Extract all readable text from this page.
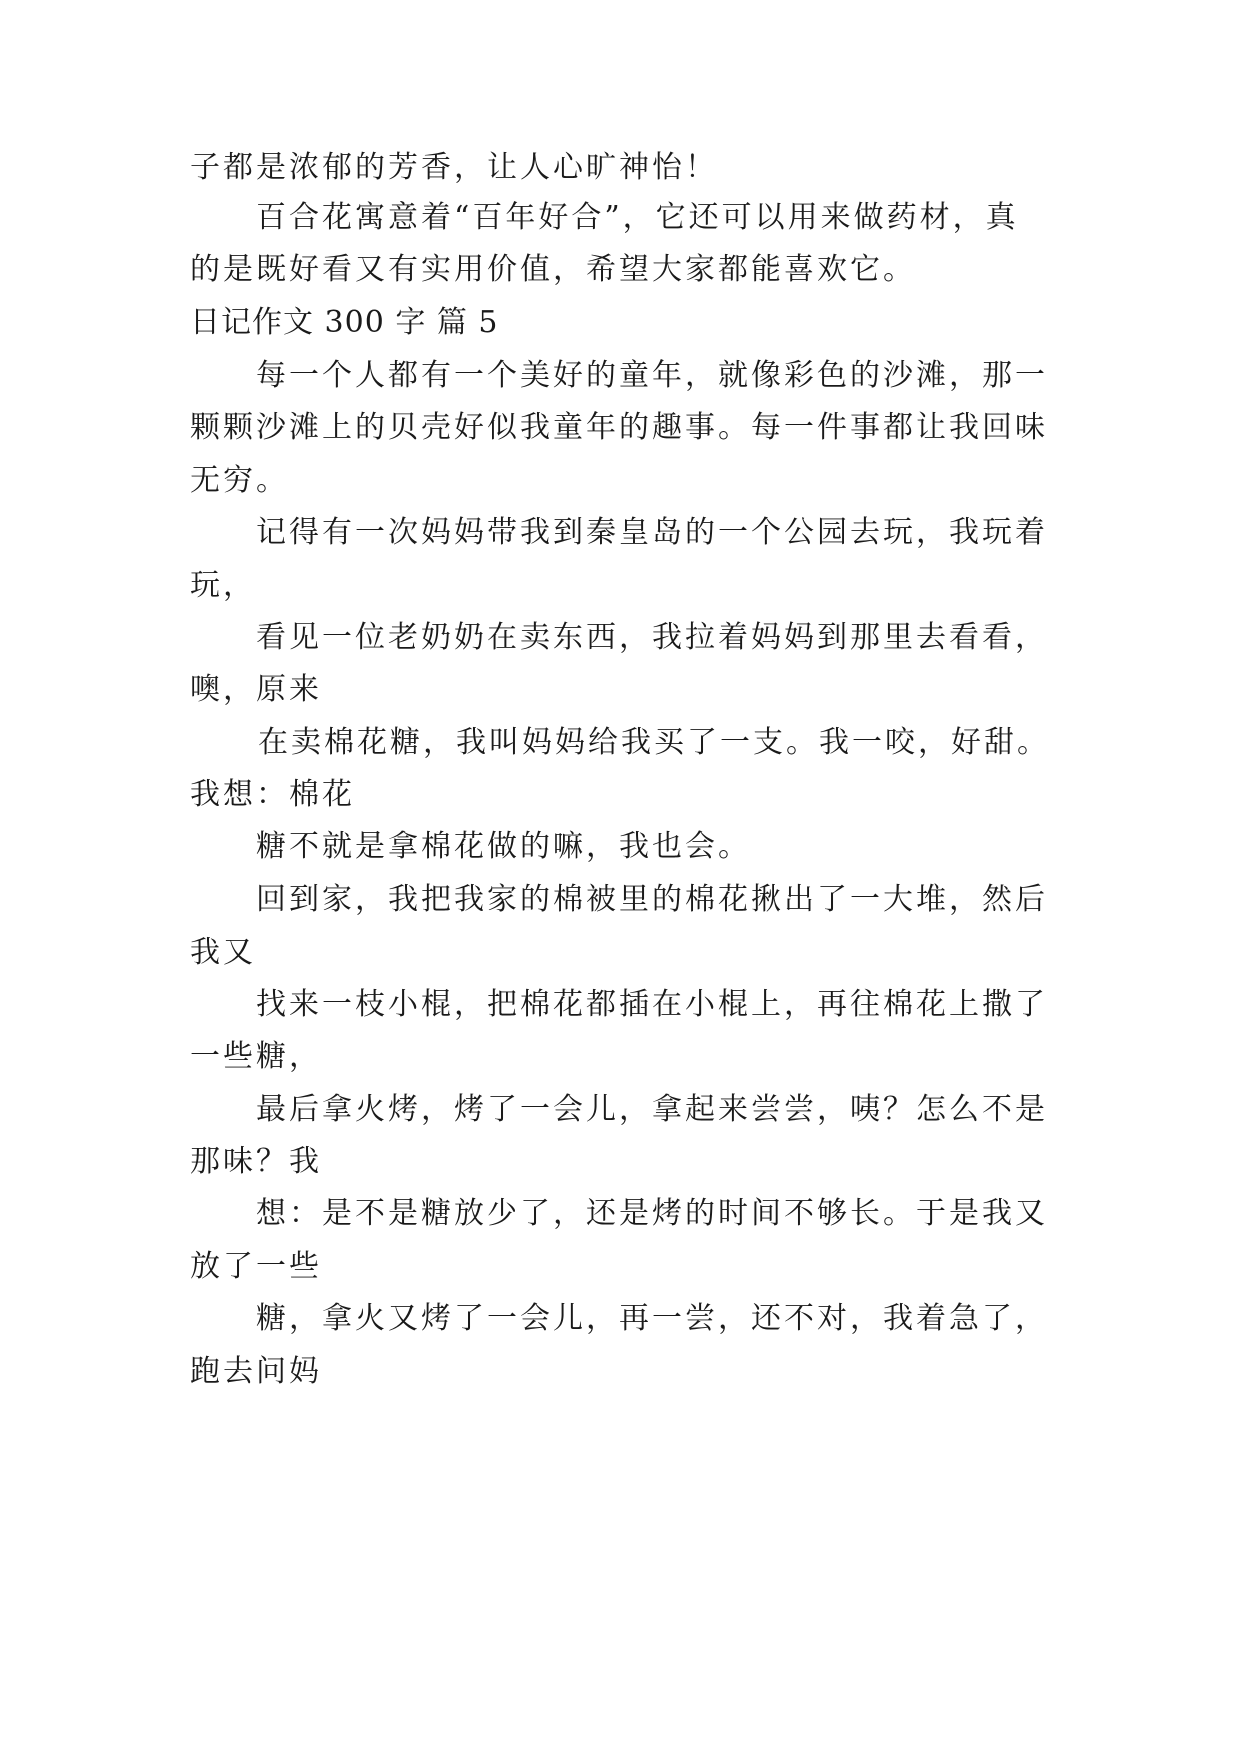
子都是浓郁的芳香，让人心旷神怡！
百合花寓意着“百年好合”，它还可以用来做药材，真
的是既好看又有实用价值，希望大家都能喜欢它。
日记作文 300 字 篇 5
每一个人都有一个美好的童年，就像彩色的沙滩，那一
颗颗沙滩上的贝壳好似我童年的趣事。每一件事都让我回味
无穷。
记得有一次妈妈带我到秦皇岛的一个公园去玩，我玩着
玩，
看见一位老奶奶在卖东西，我拉着妈妈到那里去看看，
噢，原来
在卖棉花糖，我叫妈妈给我买了一支。我一咬，好甜。
我想：棉花
糖不就是拿棉花做的嘛，我也会。
回到家，我把我家的棉被里的棉花揪出了一大堆，然后
我又
找来一枝小棍，把棉花都插在小棍上，再往棉花上撒了
一些糖，
最后拿火烤，烤了一会儿，拿起来尝尝，咦？怎么不是
那味？我
想：是不是糖放少了，还是烤的时间不够长。于是我又
放了一些
糖，拿火又烤了一会儿，再一尝，还不对，我着急了，
跑去问妈
